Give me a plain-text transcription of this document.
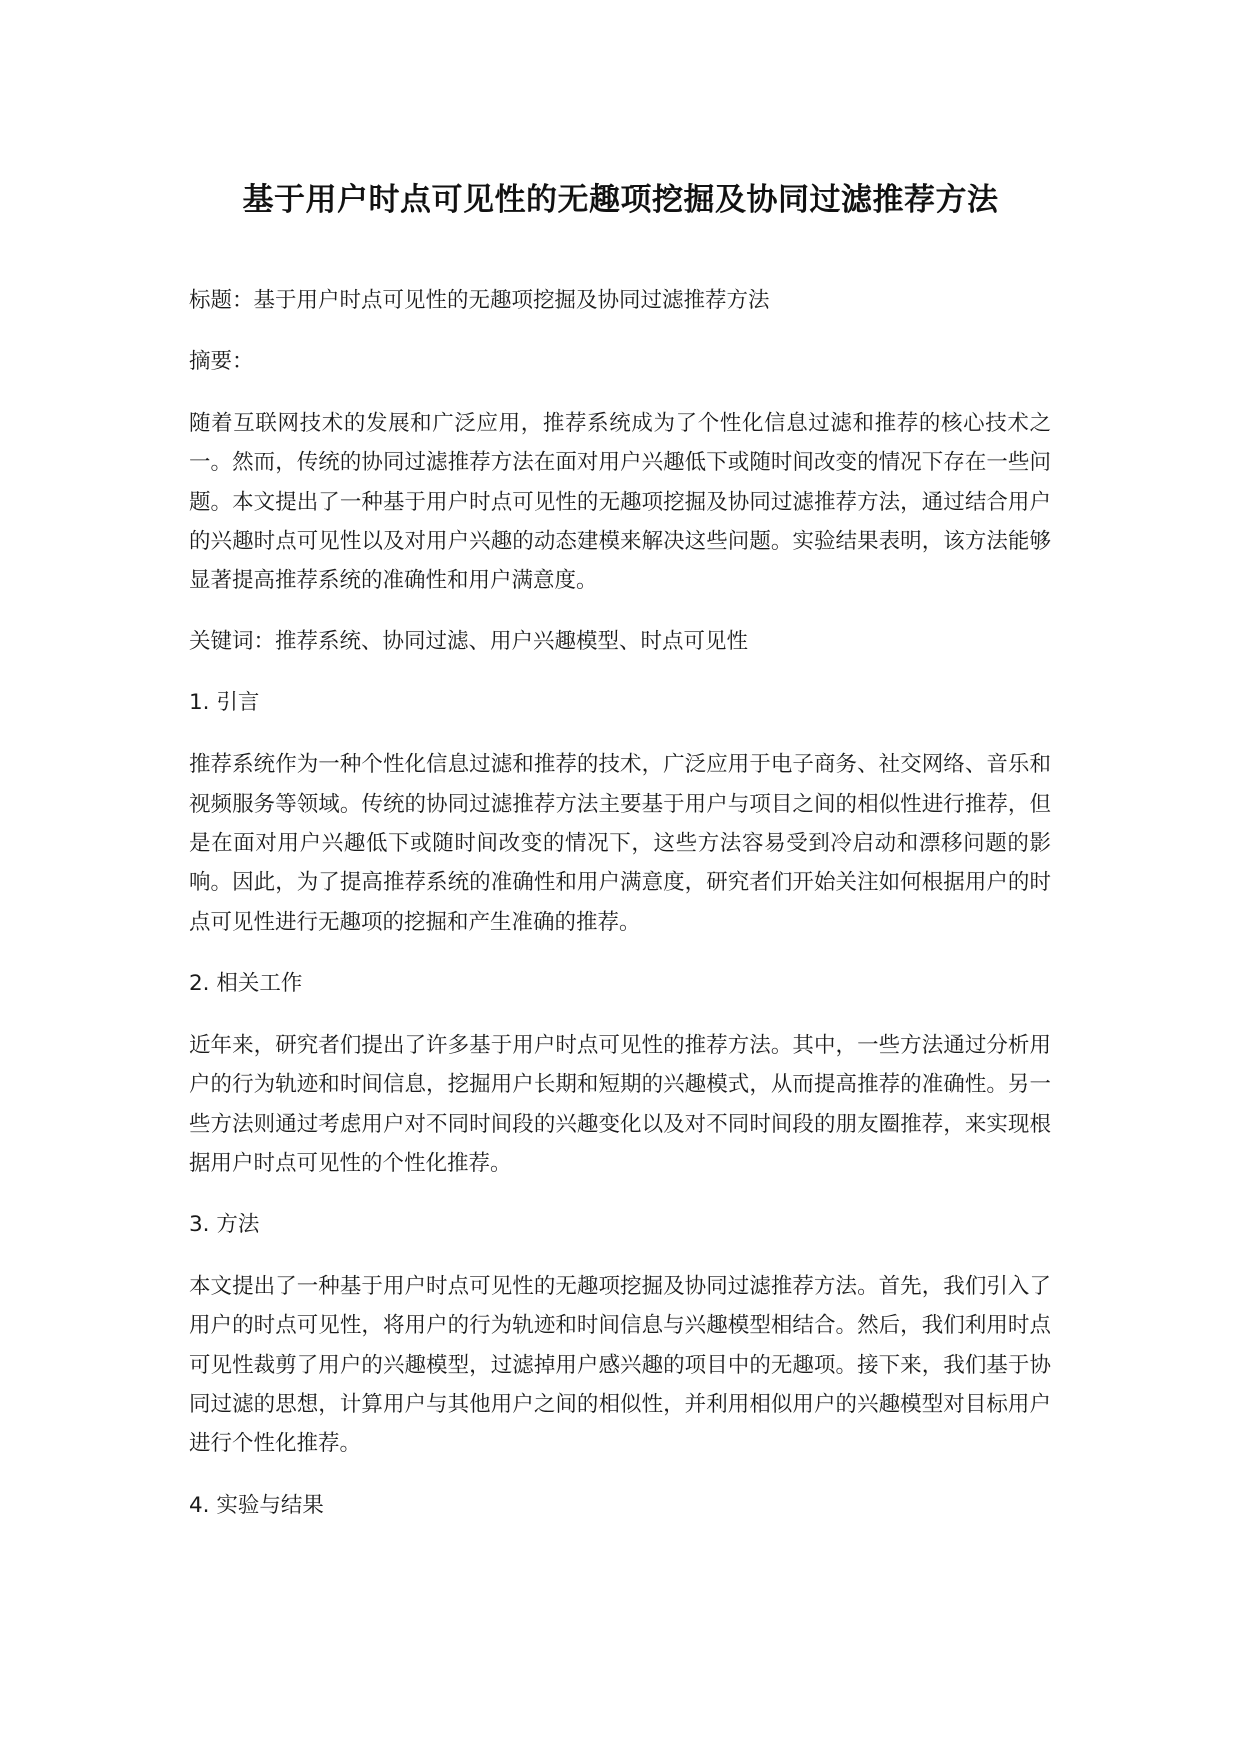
基于用户时点可见性的无趣项挖掘及协同过滤推荐方法

标题：基于用户时点可见性的无趣项挖掘及协同过滤推荐方法

摘要：

随着互联网技术的发展和广泛应用，推荐系统成为了个性化信息过滤和推荐的核心技术之一。然而，传统的协同过滤推荐方法在面对用户兴趣低下或随时间改变的情况下存在一些问题。本文提出了一种基于用户时点可见性的无趣项挖掘及协同过滤推荐方法，通过结合用户的兴趣时点可见性以及对用户兴趣的动态建模来解决这些问题。实验结果表明，该方法能够显著提高推荐系统的准确性和用户满意度。

关键词：推荐系统、协同过滤、用户兴趣模型、时点可见性

1. 引言

推荐系统作为一种个性化信息过滤和推荐的技术，广泛应用于电子商务、社交网络、音乐和视频服务等领域。传统的协同过滤推荐方法主要基于用户与项目之间的相似性进行推荐，但是在面对用户兴趣低下或随时间改变的情况下，这些方法容易受到冷启动和漂移问题的影响。因此，为了提高推荐系统的准确性和用户满意度，研究者们开始关注如何根据用户的时点可见性进行无趣项的挖掘和产生准确的推荐。

2. 相关工作

近年来，研究者们提出了许多基于用户时点可见性的推荐方法。其中，一些方法通过分析用户的行为轨迹和时间信息，挖掘用户长期和短期的兴趣模式，从而提高推荐的准确性。另一些方法则通过考虑用户对不同时间段的兴趣变化以及对不同时间段的朋友圈推荐，来实现根据用户时点可见性的个性化推荐。

3. 方法

本文提出了一种基于用户时点可见性的无趣项挖掘及协同过滤推荐方法。首先，我们引入了用户的时点可见性，将用户的行为轨迹和时间信息与兴趣模型相结合。然后，我们利用时点可见性裁剪了用户的兴趣模型，过滤掉用户感兴趣的项目中的无趣项。接下来，我们基于协同过滤的思想，计算用户与其他用户之间的相似性，并利用相似用户的兴趣模型对目标用户进行个性化推荐。

4. 实验与结果
